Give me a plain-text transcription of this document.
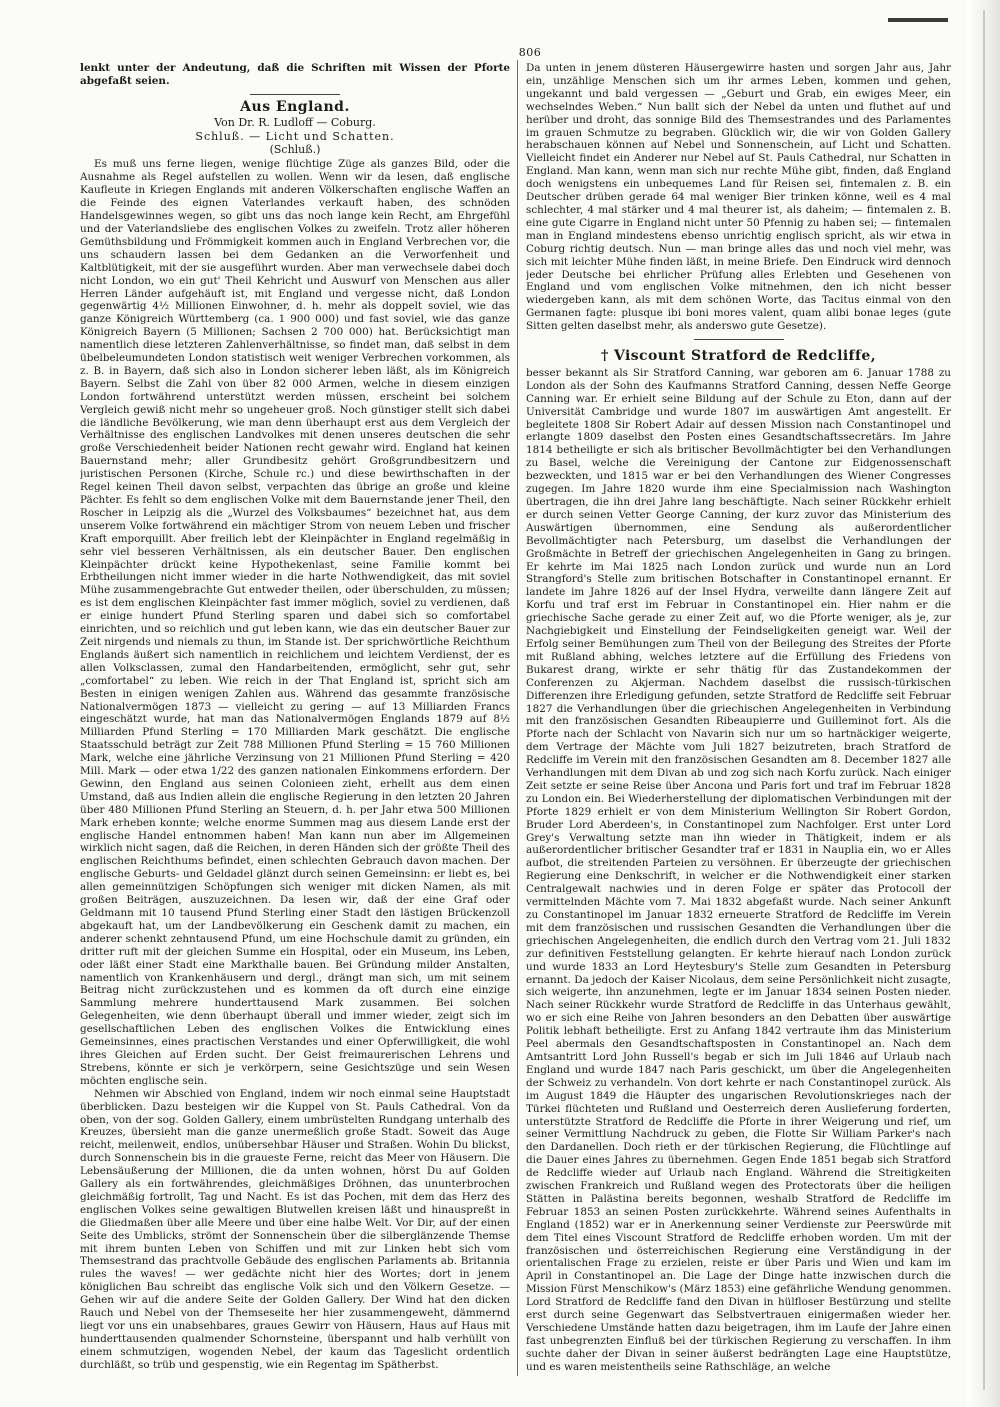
806

lenkt unter der Andeutung, daß die Schriften mit Wissen der Pforte abgefaßt seien.

Aus England.
Von Dr. R. Ludloff — Coburg.
Schluß. — Licht und Schatten.
(Schluß.)

Es muß uns ferne liegen, wenige flüchtige Züge als ganzes Bild, oder die Ausnahme als Regel aufstellen zu wollen. Wenn wir da lesen, daß englische Kaufleute in Kriegen Englands mit anderen Völkerschaften englische Waffen an die Feinde des eignen Vaterlandes verkauft haben, des schnöden Handelsgewinnes wegen, so gibt uns das noch lange kein Recht, am Ehrgefühl und der Vaterlandsliebe des englischen Volkes zu zweifeln. Trotz aller höheren Gemüthsbildung und Frömmigkeit kommen auch in England Verbrechen vor, die uns schaudern lassen bei dem Gedanken an die Verworfenheit und Kaltblütigkeit, mit der sie ausgeführt wurden. Aber man verwechsele dabei doch nicht London, wo ein gut' Theil Kehricht und Auswurf von Menschen aus aller Herren Länder aufgehäuft ist, mit England und vergesse nicht, daß London gegenwärtig 4½ Millionen Einwohner, d. h. mehr als doppelt soviel, wie das ganze Königreich Württemberg (ca. 1 900 000) und fast soviel, wie das ganze Königreich Bayern (5 Millionen; Sachsen 2 700 000) hat. Berücksichtigt man namentlich diese letzteren Zahlenverhältnisse, so findet man, daß selbst in dem übelbeleumundeten London statistisch weit weniger Verbrechen vorkommen, als z. B. in Bayern, daß sich also in London sicherer leben läßt, als im Königreich Bayern. Selbst die Zahl von über 82 000 Armen, welche in diesem einzigen London fortwährend unterstützt werden müssen, erscheint bei solchem Vergleich gewiß nicht mehr so ungeheuer groß. Noch günstiger stellt sich dabei die ländliche Bevölkerung, wie man denn überhaupt erst aus dem Vergleich der Verhältnisse des englischen Landvolkes mit denen unseres deutschen die sehr große Verschiedenheit beider Nationen recht gewahr wird. England hat keinen Bauernstand mehr; aller Grundbesitz gehört Großgrundbesitzern und juristischen Personen (Kirche, Schule rc.) und diese bewirthschaften in der Regel keinen Theil davon selbst, verpachten das übrige an große und kleine Pächter. Es fehlt so dem englischen Volke mit dem Bauernstande jener Theil, den Roscher in Leipzig als die „Wurzel des Volksbaumes“ bezeichnet hat, aus dem unserem Volke fortwährend ein mächtiger Strom von neuem Leben und frischer Kraft emporquillt. Aber freilich lebt der Kleinpächter in England regelmäßig in sehr viel besseren Verhältnissen, als ein deutscher Bauer. Den englischen Kleinpächter drückt keine Hypothekenlast, seine Familie kommt bei Erbtheilungen nicht immer wieder in die harte Nothwendigkeit, das mit soviel Mühe zusammengebrachte Gut entweder theilen, oder überschulden, zu müssen; es ist dem englischen Kleinpächter fast immer möglich, soviel zu verdienen, daß er einige hundert Pfund Sterling sparen und dabei sich so comfortabel einrichten, und so reichlich und gut leben kann, wie das ein deutscher Bauer zur Zeit nirgends und niemals zu thun, im Stande ist. Der sprichwörtliche Reichthum Englands äußert sich namentlich in reichlichem und leichtem Verdienst, der es allen Volksclassen, zumal den Handarbeitenden, ermöglicht, sehr gut, sehr „comfortabel“ zu leben. Wie reich in der That England ist, spricht sich am Besten in einigen wenigen Zahlen aus. Während das gesammte französische Nationalvermögen 1873 — vielleicht zu gering — auf 13 Milliarden Francs eingeschätzt wurde, hat man das Nationalvermögen Englands 1879 auf 8½ Milliarden Pfund Sterling = 170 Milliarden Mark geschätzt. Die englische Staatsschuld beträgt zur Zeit 788 Millionen Pfund Sterling = 15 760 Millionen Mark, welche eine jährliche Verzinsung von 21 Millionen Pfund Sterling = 420 Mill. Mark — oder etwa 1/22 des ganzen nationalen Einkommens erfordern. Der Gewinn, den England aus seinen Colonieen zieht, erhellt aus dem einen Umstand, daß aus Indien allein die englische Regierung in den letzten 20 Jahren über 480 Millionen Pfund Sterling an Steuern, d. h. per Jahr etwa 500 Millionen Mark erheben konnte; welche enorme Summen mag aus diesem Lande erst der englische Handel entnommen haben! Man kann nun aber im Allgemeinen wirklich nicht sagen, daß die Reichen, in deren Händen sich der größte Theil des englischen Reichthums befindet, einen schlechten Gebrauch davon machen. Der englische Geburts- und Geldadel glänzt durch seinen Gemeinsinn: er liebt es, bei allen gemeinnützigen Schöpfungen sich weniger mit dicken Namen, als mit großen Beiträgen, auszuzeichnen. Da lesen wir, daß der eine Graf oder Geldmann mit 10 tausend Pfund Sterling einer Stadt den lästigen Brückenzoll abgekauft hat, um der Landbevölkerung ein Geschenk damit zu machen, ein anderer schenkt zehntausend Pfund, um eine Hochschule damit zu gründen, ein dritter ruft mit der gleichen Summe ein Hospital, oder ein Museum, ins Leben, oder läßt einer Stadt eine Markthalle bauen. Bei Gründung milder Anstalten, namentlich von Krankenhäusern und dergl., drängt man sich, um mit seinem Beitrag nicht zurückzustehen und es kommen da oft durch eine einzige Sammlung mehrere hunderttausend Mark zusammen. Bei solchen Gelegenheiten, wie denn überhaupt überall und immer wieder, zeigt sich im gesellschaftlichen Leben des englischen Volkes die Entwicklung eines Gemeinsinnes, eines practischen Verstandes und einer Opferwilligkeit, die wohl ihres Gleichen auf Erden sucht. Der Geist freimaurerischen Lehrens und Strebens, könnte er sich je verkörpern, seine Gesichtszüge und sein Wesen möchten englische sein.

Nehmen wir Abschied von England, indem wir noch einmal seine Hauptstadt überblicken. Dazu besteigen wir die Kuppel von St. Pauls Cathedral. Von da oben, von der sog. Golden Gallery, einem umbrüstelten Rundgang unterhalb des Kreuzes, übersieht man die ganze unermeßlich große Stadt. Soweit das Auge reicht, meilenweit, endlos, unübersehbar Häuser und Straßen. Wohin Du blickst, durch Sonnenschein bis in die graueste Ferne, reicht das Meer von Häusern. Die Lebensäußerung der Millionen, die da unten wohnen, hörst Du auf Golden Gallery als ein fortwährendes, gleichmäßiges Dröhnen, das ununterbrochen gleichmäßig fortrollt, Tag und Nacht. Es ist das Pochen, mit dem das Herz des englischen Volkes seine gewaltigen Blutwellen kreisen läßt und hinauspreßt in die Gliedmaßen über alle Meere und über eine halbe Welt. Vor Dir, auf der einen Seite des Umblicks, strömt der Sonnenschein über die silberglänzende Themse mit ihrem bunten Leben von Schiffen und mit zur Linken hebt sich vom Themsestrand das prachtvolle Gebäude des englischen Parlaments ab. Britannia rules the waves! — wer gedächte nicht hier des Wortes; dort in jenem königlichen Bau schreibt das englische Volk sich und den Völkern Gesetze. — Gehen wir auf die andere Seite der Golden Gallery. Der Wind hat den dicken Rauch und Nebel von der Themseseite her hier zusammengeweht, dämmernd liegt vor uns ein unabsehbares, graues Gewirr von Häusern, Haus auf Haus mit hunderttausenden qualmender Schornsteine, überspannt und halb verhüllt von einem schmutzigen, wogenden Nebel, der kaum das Tageslicht ordentlich durchläßt, so trüb und gespenstig, wie ein Regentag im Spätherbst.

Da unten in jenem düsteren Häusergewirre hasten und sorgen Jahr aus, Jahr ein, unzählige Menschen sich um ihr armes Leben, kommen und gehen, ungekannt und bald vergessen — „Geburt und Grab, ein ewiges Meer, ein wechselndes Weben.“ Nun ballt sich der Nebel da unten und fluthet auf und herüber und droht, das sonnige Bild des Themsestrandes und des Parlamentes im grauen Schmutze zu begraben. Glücklich wir, die wir von Golden Gallery herabschauen können auf Nebel und Sonnenschein, auf Licht und Schatten. Vielleicht findet ein Anderer nur Nebel auf St. Pauls Cathedral, nur Schatten in England. Man kann, wenn man sich nur rechte Mühe gibt, finden, daß England doch wenigstens ein unbequemes Land für Reisen sei, fintemalen z. B. ein Deutscher drüben gerade 64 mal weniger Bier trinken könne, weil es 4 mal schlechter, 4 mal stärker und 4 mal theurer ist, als daheim; — fintemalen z. B. eine gute Cigarre in England nicht unter 50 Pfennig zu haben sei; — fintemalen man in England mindestens ebenso unrichtig englisch spricht, als wir etwa in Coburg richtig deutsch. Nun — man bringe alles das und noch viel mehr, was sich mit leichter Mühe finden läßt, in meine Briefe. Den Eindruck wird dennoch jeder Deutsche bei ehrlicher Prüfung alles Erlebten und Gesehenen von England und vom englischen Volke mitnehmen, den ich nicht besser wiedergeben kann, als mit dem schönen Worte, das Tacitus einmal von den Germanen fagte: plusque ibi boni mores valent, quam alibi bonae leges (gute Sitten gelten daselbst mehr, als anderswo gute Gesetze).

† Viscount Stratford de Redcliffe,

besser bekannt als Sir Stratford Canning, war geboren am 6. Januar 1788 zu London als der Sohn des Kaufmanns Stratford Canning, dessen Neffe George Canning war. Er erhielt seine Bildung auf der Schule zu Eton, dann auf der Universität Cambridge und wurde 1807 im auswärtigen Amt angestellt. Er begleitete 1808 Sir Robert Adair auf dessen Mission nach Constantinopel und erlangte 1809 daselbst den Posten eines Gesandtschaftssecretärs. Im Jahre 1814 betheiligte er sich als britischer Bevollmächtigter bei den Verhandlungen zu Basel, welche die Vereinigung der Cantone zur Eidgenossenschaft bezweckten, und 1815 war er bei den Verhandlungen des Wiener Congresses zugegen. Im Jahre 1820 wurde ihm eine Specialmission nach Washington übertragen, die ihn drei Jahre lang beschäftigte. Nach seiner Rückkehr erhielt er durch seinen Vetter George Canning, der kurz zuvor das Ministerium des Auswärtigen übernommen, eine Sendung als außerordentlicher Bevollmächtigter nach Petersburg, um daselbst die Verhandlungen der Großmächte in Betreff der griechischen Angelegenheiten in Gang zu bringen. Er kehrte im Mai 1825 nach London zurück und wurde nun an Lord Strangford's Stelle zum britischen Botschafter in Constantinopel ernannt. Er landete im Jahre 1826 auf der Insel Hydra, verweilte dann längere Zeit auf Korfu und traf erst im Februar in Constantinopel ein. Hier nahm er die griechische Sache gerade zu einer Zeit auf, wo die Pforte weniger, als je, zur Nachgiebigkeit und Einstellung der Feindseligkeiten geneigt war. Weil der Erfolg seiner Bemühungen zum Theil von der Beilegung des Streites der Pforte mit Rußland abhing, welches letztere auf die Erfüllung des Friedens von Bukarest drang, wirkte er sehr thätig für das Zustandekommen der Conferenzen zu Akjerman. Nachdem daselbst die russisch-türkischen Differenzen ihre Erledigung gefunden, setzte Stratford de Redcliffe seit Februar 1827 die Verhandlungen über die griechischen Angelegenheiten in Verbindung mit den französischen Gesandten Ribeaupierre und Guilleminot fort. Als die Pforte nach der Schlacht von Navarin sich nur um so hartnäckiger weigerte, dem Vertrage der Mächte vom Juli 1827 beizutreten, brach Stratford de Redcliffe im Verein mit den französischen Gesandten am 8. December 1827 alle Verhandlungen mit dem Divan ab und zog sich nach Korfu zurück. Nach einiger Zeit setzte er seine Reise über Ancona und Paris fort und traf im Februar 1828 zu London ein. Bei Wiederherstellung der diplomatischen Verbindungen mit der Pforte 1829 erhielt er von dem Ministerium Wellington Sir Robert Gordon, Bruder Lord Aberdeen's, in Constantinopel zum Nachfolger. Erst unter Lord Grey's Verwaltung setzte man ihn wieder in Thätigkeit, indem er als außerordentlicher britischer Gesandter traf er 1831 in Nauplia ein, wo er Alles aufbot, die streitenden Parteien zu versöhnen. Er überzeugte der griechischen Regierung eine Denkschrift, in welcher er die Nothwendigkeit einer starken Centralgewalt nachwies und in deren Folge er später das Protocoll der vermittelnden Mächte vom 7. Mai 1832 abgefaßt wurde. Nach seiner Ankunft zu Constantinopel im Januar 1832 erneuerte Stratford de Redcliffe im Verein mit dem französischen und russischen Gesandten die Verhandlungen über die griechischen Angelegenheiten, die endlich durch den Vertrag vom 21. Juli 1832 zur definitiven Feststellung gelangten. Er kehrte hierauf nach London zurück und wurde 1833 an Lord Heytesbury's Stelle zum Gesandten in Petersburg ernannt. Da jedoch der Kaiser Nicolaus, dem seine Persönlichkeit nicht zusagte, sich weigerte, ihn anzunehmen, legte er im Januar 1834 seinen Posten nieder. Nach seiner Rückkehr wurde Stratford de Redcliffe in das Unterhaus gewählt, wo er sich eine Reihe von Jahren besonders an den Debatten über auswärtige Politik lebhaft betheiligte. Erst zu Anfang 1842 vertraute ihm das Ministerium Peel abermals den Gesandtschaftsposten in Constantinopel an. Nach dem Amtsantritt Lord John Russell's begab er sich im Juli 1846 auf Urlaub nach England und wurde 1847 nach Paris geschickt, um über die Angelegenheiten der Schweiz zu verhandeln. Von dort kehrte er nach Constantinopel zurück. Als im August 1849 die Häupter des ungarischen Revolutionskrieges nach der Türkei flüchteten und Rußland und Oesterreich deren Auslieferung forderten, unterstützte Stratford de Redcliffe die Pforte in ihrer Weigerung und rief, um seiner Vermittlung Nachdruck zu geben, die Flotte Sir William Parker's nach den Dardanellen. Doch rieth er der türkischen Regierung, die Flüchtlinge auf die Dauer eines Jahres zu übernehmen. Gegen Ende 1851 begab sich Stratford de Redcliffe wieder auf Urlaub nach England. Während die Streitigkeiten zwischen Frankreich und Rußland wegen des Protectorats über die heiligen Stätten in Palästina bereits begonnen, weshalb Stratford de Redcliffe im Februar 1853 an seinen Posten zurückkehrte. Während seines Aufenthalts in England (1852) war er in Anerkennung seiner Verdienste zur Peerswürde mit dem Titel eines Viscount Stratford de Redcliffe erhoben worden. Um mit der französischen und österreichischen Regierung eine Verständigung in der orientalischen Frage zu erzielen, reiste er über Paris und Wien und kam im April in Constantinopel an. Die Lage der Dinge hatte inzwischen durch die Mission Fürst Menschikow's (März 1853) eine gefährliche Wendung genommen. Lord Stratford de Redcliffe fand den Divan in hülfloser Bestürzung und stellte erst durch seine Gegenwart das Selbstvertrauen einigermaßen wieder her. Verschiedene Umstände hatten dazu beigetragen, ihm im Laufe der Jahre einen fast unbegrenzten Einfluß bei der türkischen Regierung zu verschaffen. In ihm suchte daher der Divan in seiner äußerst bedrängten Lage eine Hauptstütze, und es waren meistentheils seine Rathschläge, an welche
